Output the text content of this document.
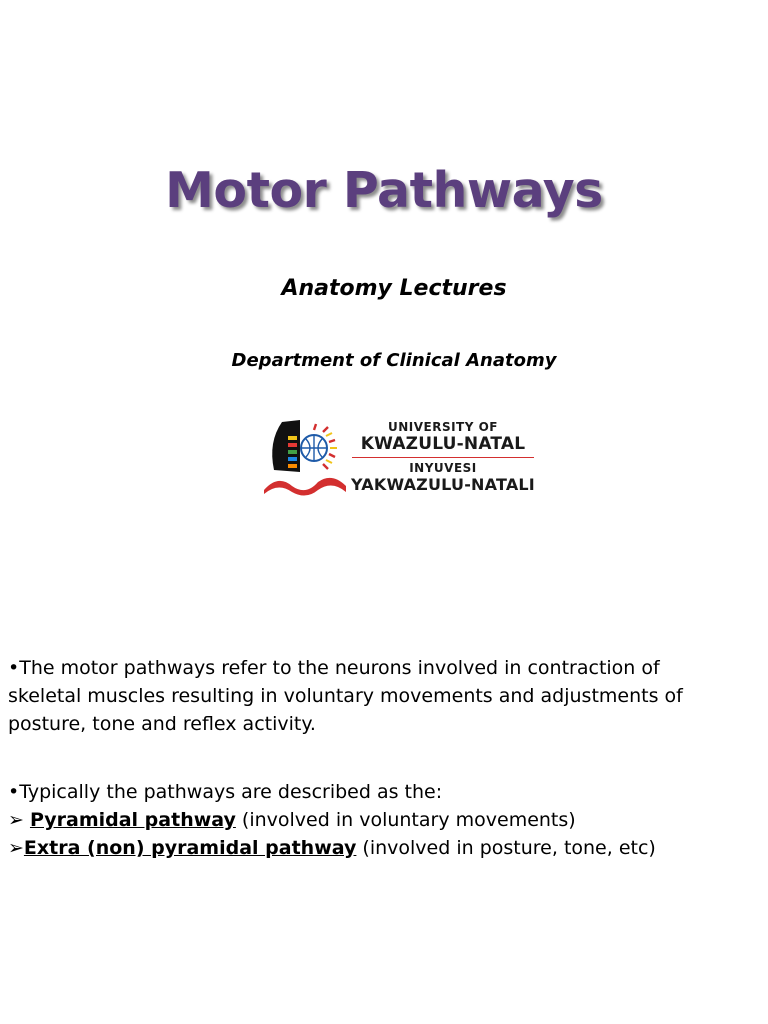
Motor Pathways
Anatomy Lectures
Department of Clinical Anatomy
UNIVERSITY OF
KWAZULU-NATAL
INYUVESI
YAKWAZULU-NATALI
•The motor pathways refer to the neurons involved in contraction of
skeletal muscles resulting in voluntary movements and adjustments of
posture, tone and reflex activity.
•Typically the pathways are described as the:
➢ Pyramidal pathway (involved in voluntary movements)
➢Extra (non) pyramidal pathway (involved in posture, tone, etc)
